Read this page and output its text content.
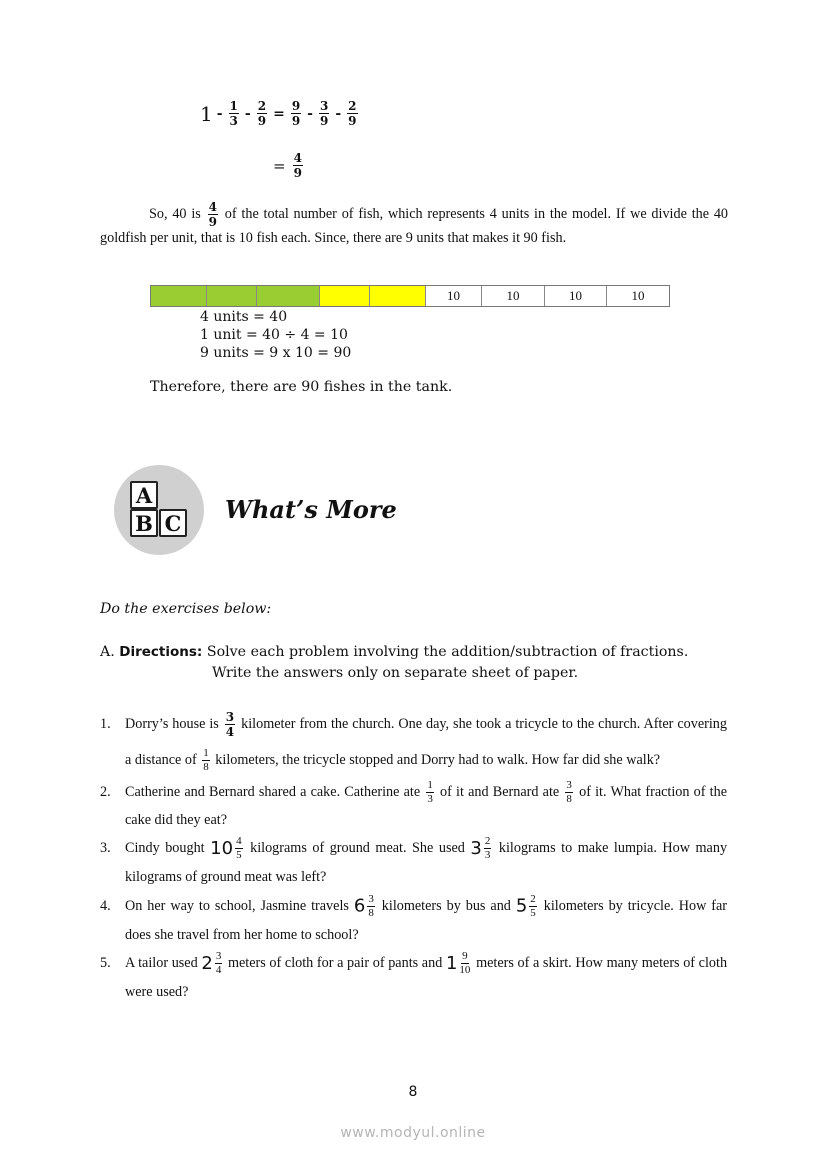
$1 - \frac{1}{3} - \frac{2}{9} = \frac{9}{9} - \frac{3}{9} - \frac{2}{9}$
= $\frac{4}{9}$
So, 40 is $\frac{4}{9}$ of the total number of fish, which represents 4 units in the model. If we divide the 40 goldfish per unit, that is 10 fish each. Since, there are 9 units that makes it 90 fish.
10	10	10	10
4 units = 40
1 unit = 40 ÷ 4 = 10
9 units = 9 x 10 = 90
Therefore, there are 90 fishes in the tank.
A
B C What’s More
Do the exercises below:
A. Directions: Solve each problem involving the addition/subtraction of fractions.
Write the answers only on separate sheet of paper.
1. Dorry’s house is $\frac{3}{4}$ kilometer from the church. One day, she took a tricycle to the church. After covering a distance of $\frac{1}{8}$ kilometers, the tricycle stopped and Dorry had to walk. How far did she walk?
2. Catherine and Bernard shared a cake. Catherine ate $\frac{1}{3}$ of it and Bernard ate $\frac{3}{8}$ of it. What fraction of the cake did they eat?
3. Cindy bought $10 \frac{4}{5}$ kilograms of ground meat. She used $3 \frac{2}{3}$ kilograms to make lumpia. How many kilograms of ground meat was left?
4. On her way to school, Jasmine travels $6 \frac{3}{8}$ kilometers by bus and $5 \frac{2}{5}$ kilometers by tricycle. How far does she travel from her home to school?
5. A tailor used $2 \frac{3}{4}$ meters of cloth for a pair of pants and $1 \frac{9}{10}$ meters of a skirt. How many meters of cloth were used?
8
www.modyul.online
